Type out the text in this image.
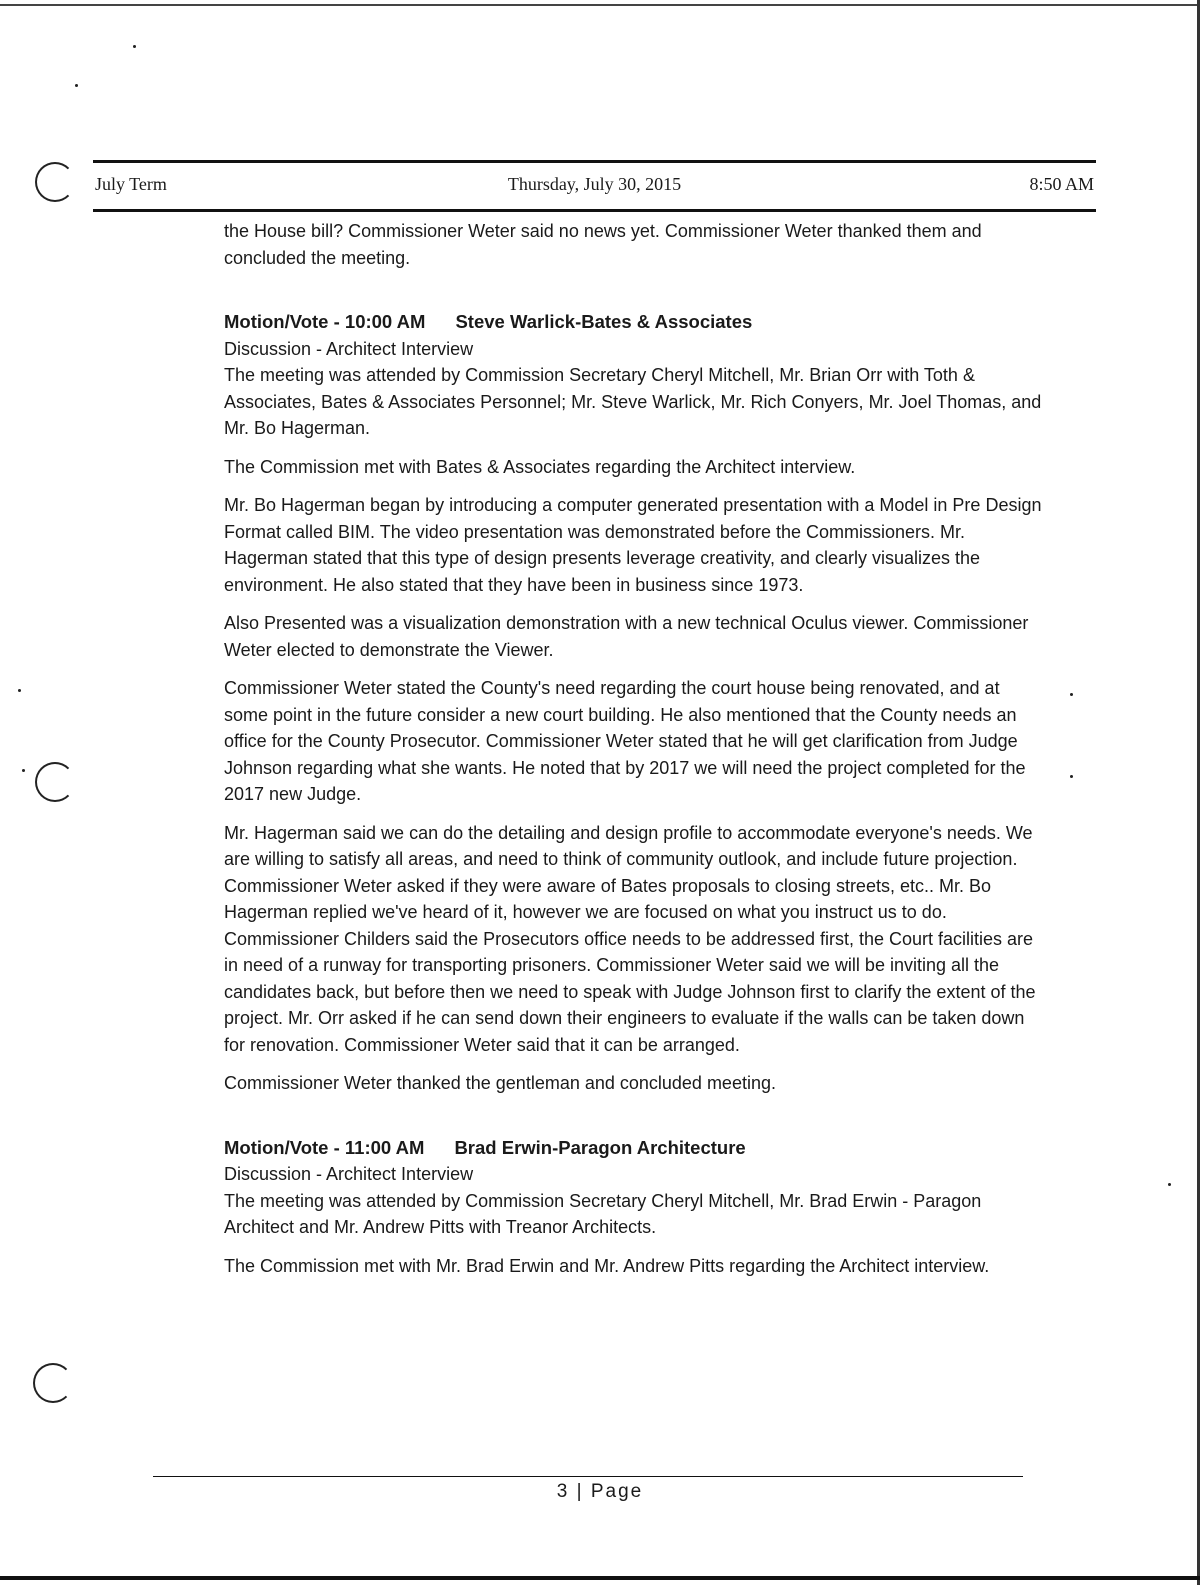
July Term	Thursday, July 30, 2015	8:50 AM

the House bill? Commissioner Weter said no news yet. Commissioner Weter thanked them and concluded the meeting.

Motion/Vote - 10:00 AM Steve Warlick-Bates & Associates
Discussion - Architect Interview
The meeting was attended by Commission Secretary Cheryl Mitchell, Mr. Brian Orr with Toth & Associates, Bates & Associates Personnel; Mr. Steve Warlick, Mr. Rich Conyers, Mr. Joel Thomas, and Mr. Bo Hagerman.

The Commission met with Bates & Associates regarding the Architect interview.

Mr. Bo Hagerman began by introducing a computer generated presentation with a Model in Pre Design Format called BIM. The video presentation was demonstrated before the Commissioners. Mr. Hagerman stated that this type of design presents leverage creativity, and clearly visualizes the environment. He also stated that they have been in business since 1973.

Also Presented was a visualization demonstration with a new technical Oculus viewer. Commissioner Weter elected to demonstrate the Viewer.

Commissioner Weter stated the County's need regarding the court house being renovated, and at some point in the future consider a new court building. He also mentioned that the County needs an office for the County Prosecutor. Commissioner Weter stated that he will get clarification from Judge Johnson regarding what she wants. He noted that by 2017 we will need the project completed for the 2017 new Judge.

Mr. Hagerman said we can do the detailing and design profile to accommodate everyone's needs. We are willing to satisfy all areas, and need to think of community outlook, and include future projection. Commissioner Weter asked if they were aware of Bates proposals to closing streets, etc.. Mr. Bo Hagerman replied we've heard of it, however we are focused on what you instruct us to do. Commissioner Childers said the Prosecutors office needs to be addressed first, the Court facilities are in need of a runway for transporting prisoners. Commissioner Weter said we will be inviting all the candidates back, but before then we need to speak with Judge Johnson first to clarify the extent of the project. Mr. Orr asked if he can send down their engineers to evaluate if the walls can be taken down for renovation. Commissioner Weter said that it can be arranged.

Commissioner Weter thanked the gentleman and concluded meeting.

Motion/Vote - 11:00 AM Brad Erwin-Paragon Architecture
Discussion - Architect Interview
The meeting was attended by Commission Secretary Cheryl Mitchell, Mr. Brad Erwin - Paragon Architect and Mr. Andrew Pitts with Treanor Architects.

The Commission met with Mr. Brad Erwin and Mr. Andrew Pitts regarding the Architect interview.

3 | Page
